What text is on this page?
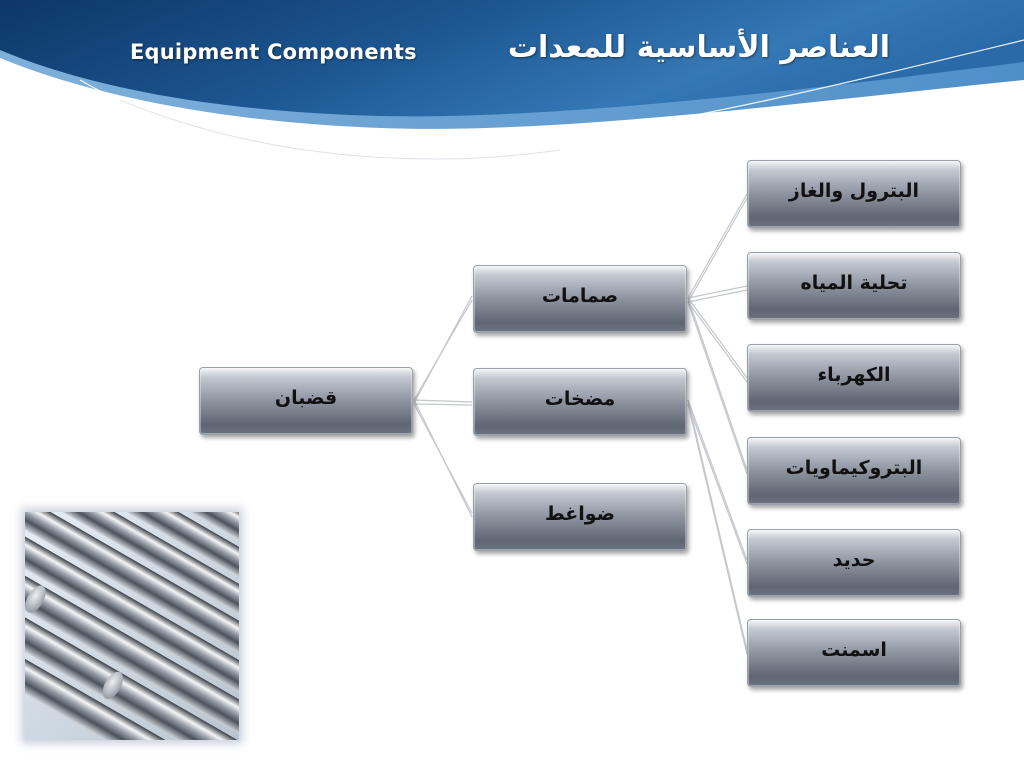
Equipment Components	العناصر الأساسية للمعدات
قضبان
صمامات
مضخات
ضواغط
البترول والغاز
تحلية المياه
الكهرباء
البتروكيماويات
حديد
اسمنت
